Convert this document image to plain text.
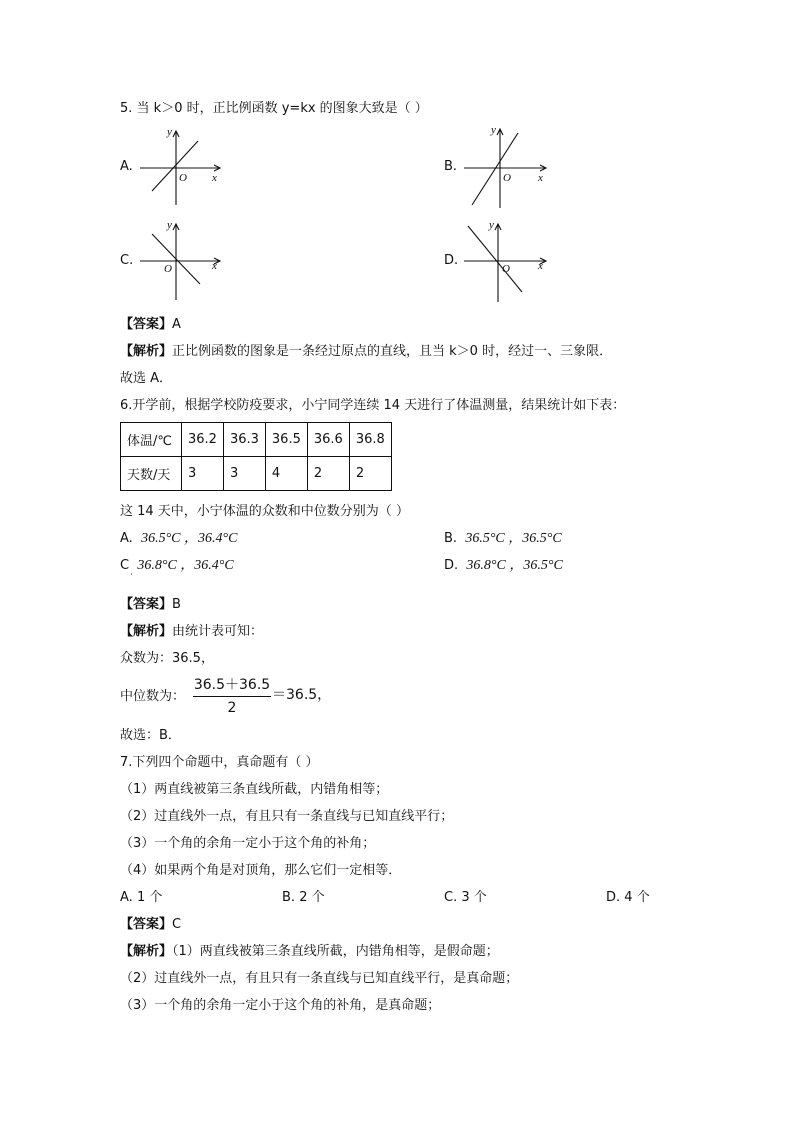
5. 当 k＞0 时，正比例函数 y=kx 的图象大致是（ ）
A.
y
x
O
B.
y
x
O
C.
y
x
O
D.
y
x
O
【答案】A
【解析】正比例函数的图象是一条经过原点的直线，且当 k＞0 时，经过一、三象限．
故选 A．
6.开学前，根据学校防疫要求，小宁同学连续 14 天进行了体温测量，结果统计如下表：
体温/℃	36.2	36.3	36.5	36.6	36.8
天数/天	3	3	4	2	2
这 14 天中，小宁体温的众数和中位数分别为（ ）
A. 36.5°C ，36.4°C	B. 36.5°C ，36.5°C
C 36.8°C ，36.4°C
·
D. 36.8°C ，36.5°C
【答案】B
【解析】由统计表可知：
众数为：36.5，
中位数为： $\frac{36.5+36.5}{2} =36.5$，
故选：B．
7.下列四个命题中，真命题有（ ）
（1）两直线被第三条直线所截，内错角相等；
（2）过直线外一点，有且只有一条直线与已知直线平行；
（3）一个角的余角一定小于这个角的补角；
（4）如果两个角是对顶角，那么它们一定相等．
A. 1 个	B. 2 个	C. 3 个	D. 4 个
【答案】C
【解析】（1）两直线被第三条直线所截，内错角相等，是假命题；
（2）过直线外一点，有且只有一条直线与已知直线平行，是真命题；
（3）一个角的余角一定小于这个角的补角，是真命题；
